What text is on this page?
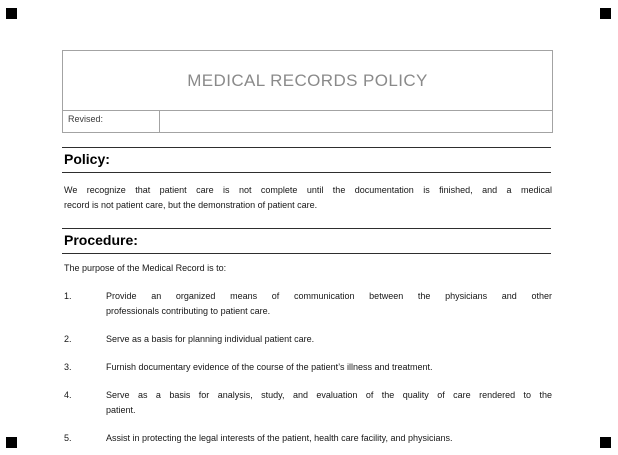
MEDICAL RECORDS POLICY
Revised:
Policy:
We recognize that patient care is not complete until the documentation is finished, and a medical
record is not patient care, but the demonstration of patient care.
Procedure:
The purpose of the Medical Record is to:
1.	Provide an organized means of communication between the physicians and other
professionals contributing to patient care.
2.	Serve as a basis for planning individual patient care.
3.	Furnish documentary evidence of the course of the patient’s illness and treatment.
4.	Serve as a basis for analysis, study, and evaluation of the quality of care rendered to the
patient.
5.	Assist in protecting the legal interests of the patient, health care facility, and physicians.
